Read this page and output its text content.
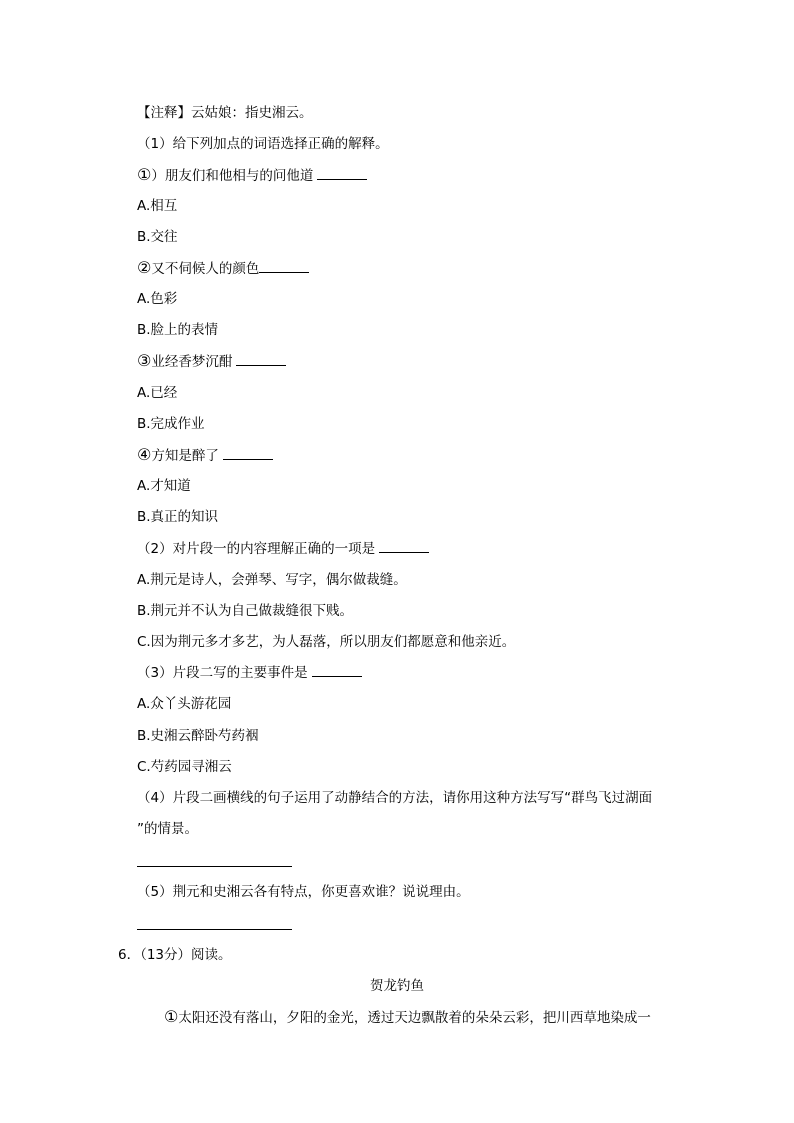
【注释】云姑娘：指史湘云。
（1）给下列加点的词语选择正确的解释。
①）朋友们和他相与的问他道
A.相互
B.交往
②又不伺候人的颜色
A.色彩
B.脸上的表情
③业经香梦沉酣
A.已经
B.完成作业
④方知是醉了
A.才知道
B.真正的知识
（2）对片段一的内容理解正确的一项是
A.荆元是诗人，会弹琴、写字，偶尔做裁缝。
B.荆元并不认为自己做裁缝很下贱。
C.因为荆元多才多艺，为人磊落，所以朋友们都愿意和他亲近。
（3）片段二写的主要事件是
A.众丫头游花园
B.史湘云醉卧芍药裀
C.芍药园寻湘云
（4）片段二画横线的句子运用了动静结合的方法，请你用这种方法写写“群鸟飞过湖面
”的情景。
（5）荆元和史湘云各有特点，你更喜欢谁？说说理由。
6．（13分）阅读。
贺龙钓鱼
①太阳还没有落山，夕阳的金光，透过天边飘散着的朵朵云彩，把川西草地染成一
